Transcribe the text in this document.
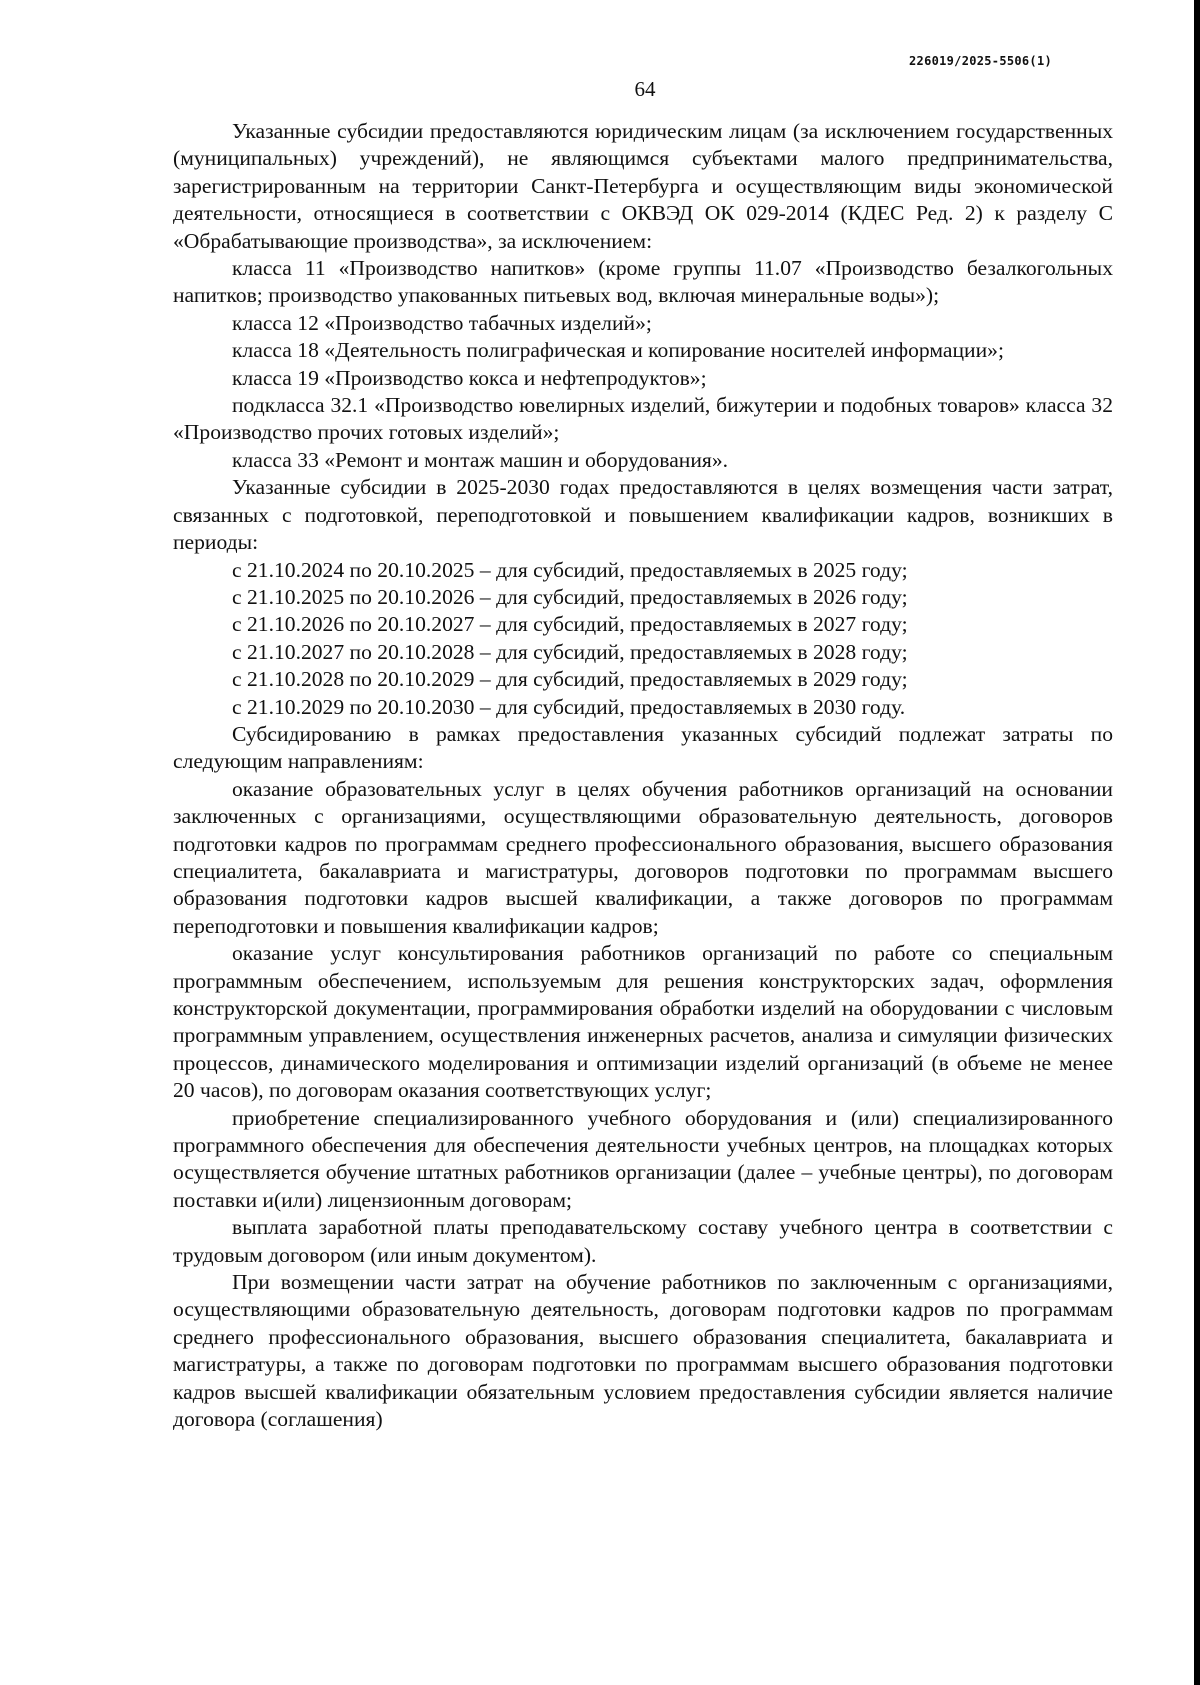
226019/2025-5506(1)
64

Указанные субсидии предоставляются юридическим лицам (за исключением государственных (муниципальных) учреждений), не являющимся субъектами малого предпринимательства, зарегистрированным на территории Санкт-Петербурга и осуществляющим виды экономической деятельности, относящиеся в соответствии с ОКВЭД ОК 029-2014 (КДЕС Ред. 2) к разделу С «Обрабатывающие производства», за исключением:

класса 11 «Производство напитков» (кроме группы 11.07 «Производство безалкогольных напитков; производство упакованных питьевых вод, включая минеральные воды»);

класса 12 «Производство табачных изделий»;

класса 18 «Деятельность полиграфическая и копирование носителей информации»;

класса 19 «Производство кокса и нефтепродуктов»;

подкласса 32.1 «Производство ювелирных изделий, бижутерии и подобных товаров» класса 32 «Производство прочих готовых изделий»;

класса 33 «Ремонт и монтаж машин и оборудования».

Указанные субсидии в 2025-2030 годах предоставляются в целях возмещения части затрат, связанных с подготовкой, переподготовкой и повышением квалификации кадров, возникших в периоды:

с 21.10.2024 по 20.10.2025 – для субсидий, предоставляемых в 2025 году;

с 21.10.2025 по 20.10.2026 – для субсидий, предоставляемых в 2026 году;

с 21.10.2026 по 20.10.2027 – для субсидий, предоставляемых в 2027 году;

с 21.10.2027 по 20.10.2028 – для субсидий, предоставляемых в 2028 году;

с 21.10.2028 по 20.10.2029 – для субсидий, предоставляемых в 2029 году;

с 21.10.2029 по 20.10.2030 – для субсидий, предоставляемых в 2030 году.

Субсидированию в рамках предоставления указанных субсидий подлежат затраты по следующим направлениям:

оказание образовательных услуг в целях обучения работников организаций на основании заключенных с организациями, осуществляющими образовательную деятельность, договоров подготовки кадров по программам среднего профессионального образования, высшего образования специалитета, бакалавриата и магистратуры, договоров подготовки по программам высшего образования подготовки кадров высшей квалификации, а также договоров по программам переподготовки и повышения квалификации кадров;

оказание услуг консультирования работников организаций по работе со специальным программным обеспечением, используемым для решения конструкторских задач, оформления конструкторской документации, программирования обработки изделий на оборудовании с числовым программным управлением, осуществления инженерных расчетов, анализа и симуляции физических процессов, динамического моделирования и оптимизации изделий организаций (в объеме не менее 20 часов), по договорам оказания соответствующих услуг;

приобретение специализированного учебного оборудования и (или) специализированного программного обеспечения для обеспечения деятельности учебных центров, на площадках которых осуществляется обучение штатных работников организации (далее – учебные центры), по договорам поставки и(или) лицензионным договорам;

выплата заработной платы преподавательскому составу учебного центра в соответствии с трудовым договором (или иным документом).

При возмещении части затрат на обучение работников по заключенным с организациями, осуществляющими образовательную деятельность, договорам подготовки кадров по программам среднего профессионального образования, высшего образования специалитета, бакалавриата и магистратуры, а также по договорам подготовки по программам высшего образования подготовки кадров высшей квалификации обязательным условием предоставления субсидии является наличие договора (соглашения)
